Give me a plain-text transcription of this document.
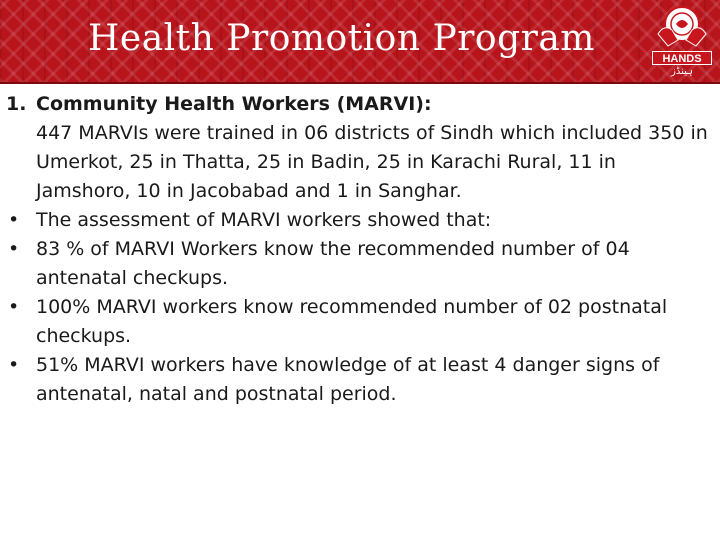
Health Promotion Program	HANDS
ہینڈز

1. Community Health Workers (MARVI):

447 MARVIs were trained in 06 districts of Sindh which included 350 in Umerkot, 25 in Thatta, 25 in Badin, 25 in Karachi Rural, 11 in Jamshoro, 10 in Jacobabad and 1 in Sanghar.

• The assessment of MARVI workers showed that:
• 83 % of MARVI Workers know the recommended number of 04 antenatal checkups.
• 100% MARVI workers know recommended number of 02 postnatal checkups.
• 51% MARVI workers have knowledge of at least 4 danger signs of antenatal, natal and postnatal period.
